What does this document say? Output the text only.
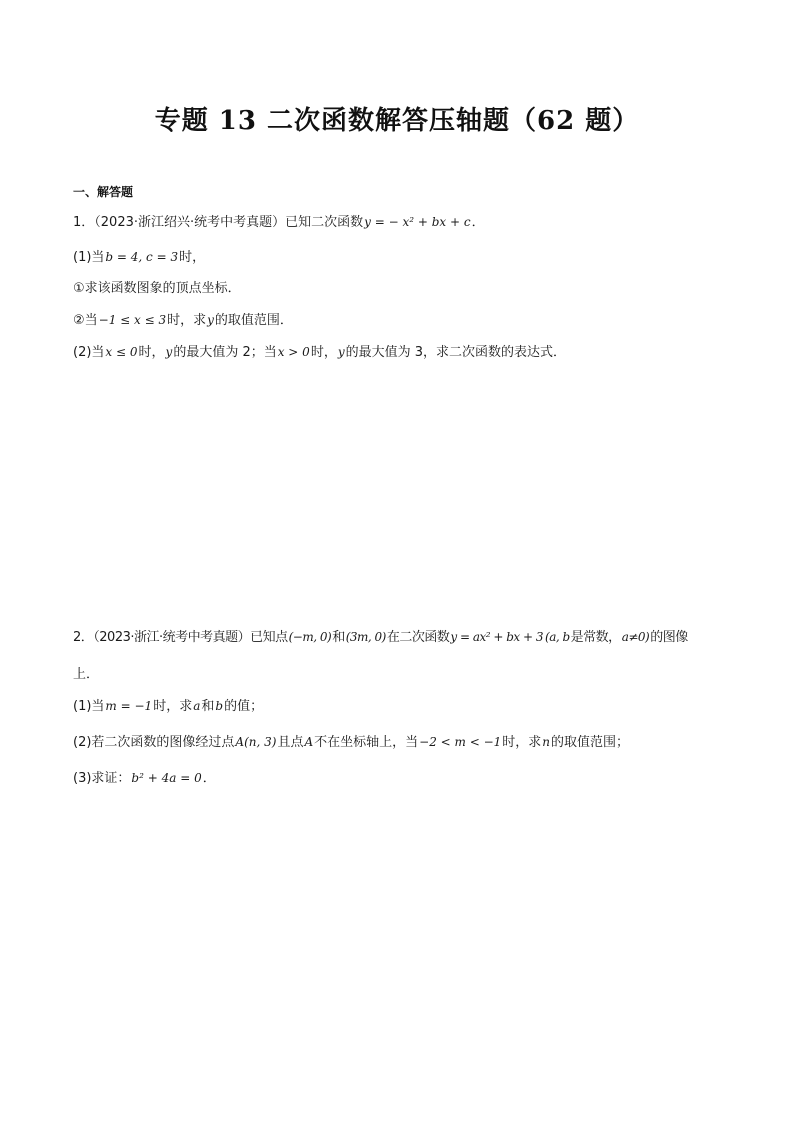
专题 13 二次函数解答压轴题（62 题）
一、解答题
1．（2023·浙江绍兴·统考中考真题）已知二次函数y = − x² + bx + c．
(1)当b = 4, c = 3时，
①求该函数图象的顶点坐标．
②当−1 ≤ x ≤ 3时，求y的取值范围．
(2)当x ≤ 0时，y的最大值为 2；当x > 0时，y的最大值为 3，求二次函数的表达式．
2．（2023·浙江·统考中考真题）已知点(−m, 0)和(3m, 0)在二次函数y = ax² + bx + 3 (a, b是常数，a≠0)的图像
上．
(1)当m = −1时，求a和b的值；
(2)若二次函数的图像经过点A(n, 3)且点A不在坐标轴上，当−2 < m < −1时，求n的取值范围；
(3)求证：b² + 4a = 0．
